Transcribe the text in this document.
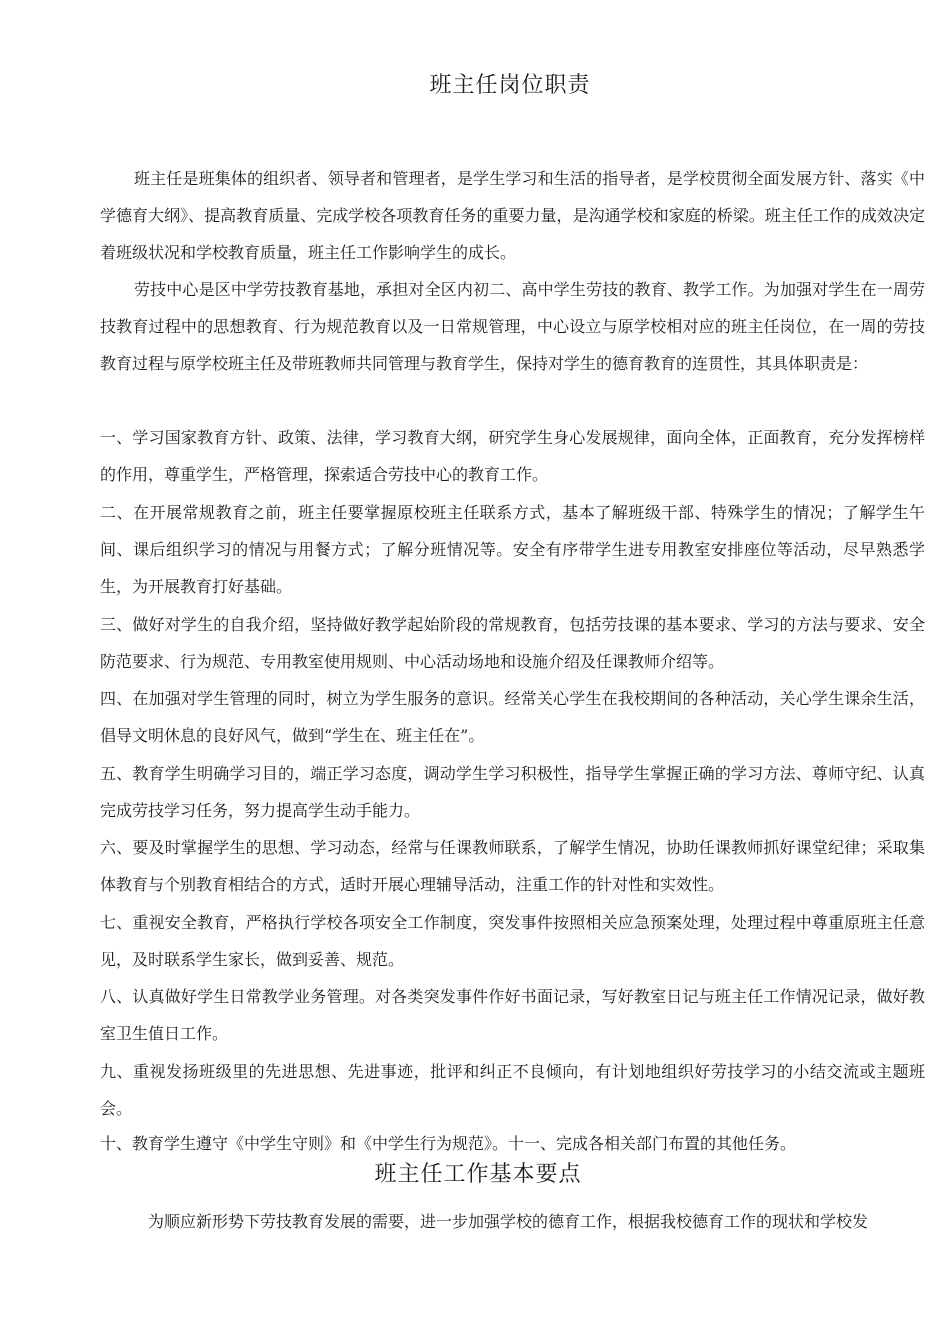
班主任岗位职责

班主任是班集体的组织者、领导者和管理者，是学生学习和生活的指导者，是学校贯彻全面发展方针、落实《中学德育大纲》、提高教育质量、完成学校各项教育任务的重要力量，是沟通学校和家庭的桥梁。班主任工作的成效决定着班级状况和学校教育质量，班主任工作影响学生的成长。

劳技中心是区中学劳技教育基地，承担对全区内初二、高中学生劳技的教育、教学工作。为加强对学生在一周劳技教育过程中的思想教育、行为规范教育以及一日常规管理，中心设立与原学校相对应的班主任岗位，在一周的劳技教育过程与原学校班主任及带班教师共同管理与教育学生，保持对学生的德育教育的连贯性，其具体职责是：

一、学习国家教育方针、政策、法律，学习教育大纲，研究学生身心发展规律，面向全体，正面教育，充分发挥榜样的作用，尊重学生，严格管理，探索适合劳技中心的教育工作。

二、在开展常规教育之前，班主任要掌握原校班主任联系方式，基本了解班级干部、特殊学生的情况；了解学生午间、课后组织学习的情况与用餐方式；了解分班情况等。安全有序带学生进专用教室安排座位等活动，尽早熟悉学生，为开展教育打好基础。

三、做好对学生的自我介绍，坚持做好教学起始阶段的常规教育，包括劳技课的基本要求、学习的方法与要求、安全防范要求、行为规范、专用教室使用规则、中心活动场地和设施介绍及任课教师介绍等。

四、在加强对学生管理的同时，树立为学生服务的意识。经常关心学生在我校期间的各种活动，关心学生课余生活，倡导文明休息的良好风气，做到“学生在、班主任在”。

五、教育学生明确学习目的，端正学习态度，调动学生学习积极性，指导学生掌握正确的学习方法、尊师守纪、认真完成劳技学习任务，努力提高学生动手能力。

六、要及时掌握学生的思想、学习动态，经常与任课教师联系，了解学生情况，协助任课教师抓好课堂纪律；采取集体教育与个别教育相结合的方式，适时开展心理辅导活动，注重工作的针对性和实效性。

七、重视安全教育，严格执行学校各项安全工作制度，突发事件按照相关应急预案处理，处理过程中尊重原班主任意见，及时联系学生家长，做到妥善、规范。

八、认真做好学生日常教学业务管理。对各类突发事件作好书面记录，写好教室日记与班主任工作情况记录，做好教室卫生值日工作。

九、重视发扬班级里的先进思想、先进事迹，批评和纠正不良倾向，有计划地组织好劳技学习的小结交流或主题班会。

十、教育学生遵守《中学生守则》和《中学生行为规范》。十一、完成各相关部门布置的其他任务。

班主任工作基本要点

为顺应新形势下劳技教育发展的需要，进一步加强学校的德育工作，根据我校德育工作的现状和学校发
